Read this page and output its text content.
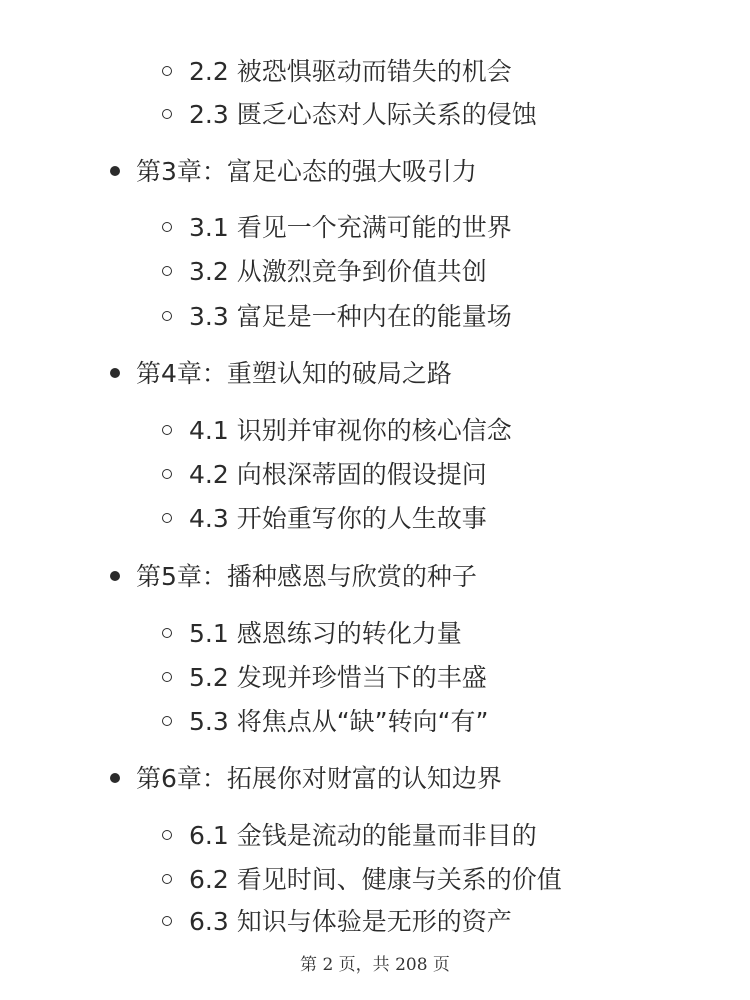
2.2 被恐惧驱动而错失的机会
2.3 匮乏心态对人际关系的侵蚀
第3章：富足心态的强大吸引力
3.1 看见一个充满可能的世界
3.2 从激烈竞争到价值共创
3.3 富足是一种内在的能量场
第4章：重塑认知的破局之路
4.1 识别并审视你的核心信念
4.2 向根深蒂固的假设提问
4.3 开始重写你的人生故事
第5章：播种感恩与欣赏的种子
5.1 感恩练习的转化力量
5.2 发现并珍惜当下的丰盛
5.3 将焦点从“缺”转向“有”
第6章：拓展你对财富的认知边界
6.1 金钱是流动的能量而非目的
6.2 看见时间、健康与关系的价值
6.3 知识与体验是无形的资产
第 2 页，共 208 页
